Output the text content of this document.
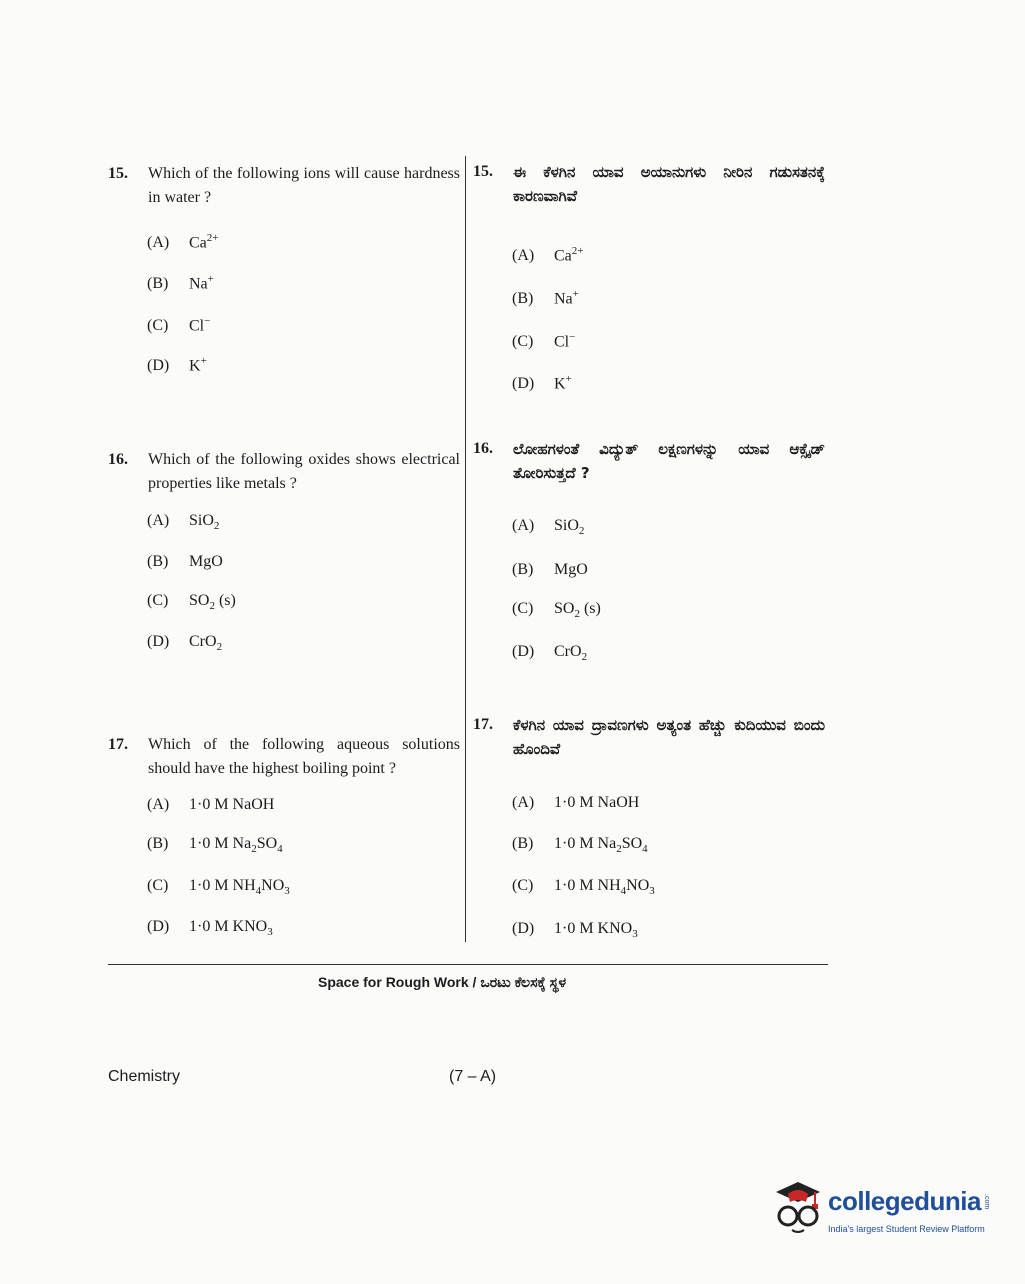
15. Which of the following ions will cause hardness in water ?
(A) $Ca^{2+}$
(B) Na+
(C) Cl−
(D) K+
16. Which of the following oxides shows electrical properties like metals ?
(A) SiO$_2$
(B) MgO
(C) $SO_2$ (s)
(D) CrO$_2$
17. Which of the following aqueous solutions should have the highest boiling point ?
(A) 1·0 M NaOH
(B) 1·0 M $Na_2SO_4$
(C) 1·0 M $NH_4NO_3$
(D) 1·0 M $KNO_3$
15. ಈ ಕೆಳಗಿನ ಯಾವ ಅಯಾನುಗಳು ನೀರಿನ ಗಡುಸತನಕ್ಕೆ ಕಾರಣವಾಗಿವೆ
(A) $Ca^{2+}$
(B) Na+
(C) Cl−
(D) K+
16. ಲೋಹಗಳಂತೆ ವಿದ್ಯುತ್ ಲಕ್ಷಣಗಳನ್ನು ಯಾವ ಆಕ್ಸೈಡ್ ತೋರಿಸುತ್ತದೆ ?
(A) SiO$_2$
(B) MgO
(C) $SO_2$ (s)
(D) CrO$_2$
17. ಕೆಳಗಿನ ಯಾವ ದ್ರಾವಣಗಳು ಅತ್ಯಂತ ಹೆಚ್ಚು ಕುದಿಯುವ ಬಿಂದು ಹೊಂದಿವೆ
(A) 1·0 M NaOH
(B) 1·0 M $Na_2SO_4$
(C) 1·0 M $NH_4NO_3$
(D) 1·0 M $KNO_3$
Space for Rough Work / ಒರಟು ಕೆಲಸಕ್ಕೆ ಸ್ಥಳ
Chemistry	(7 – A)
collegedunia .com
India's largest Student Review Platform
